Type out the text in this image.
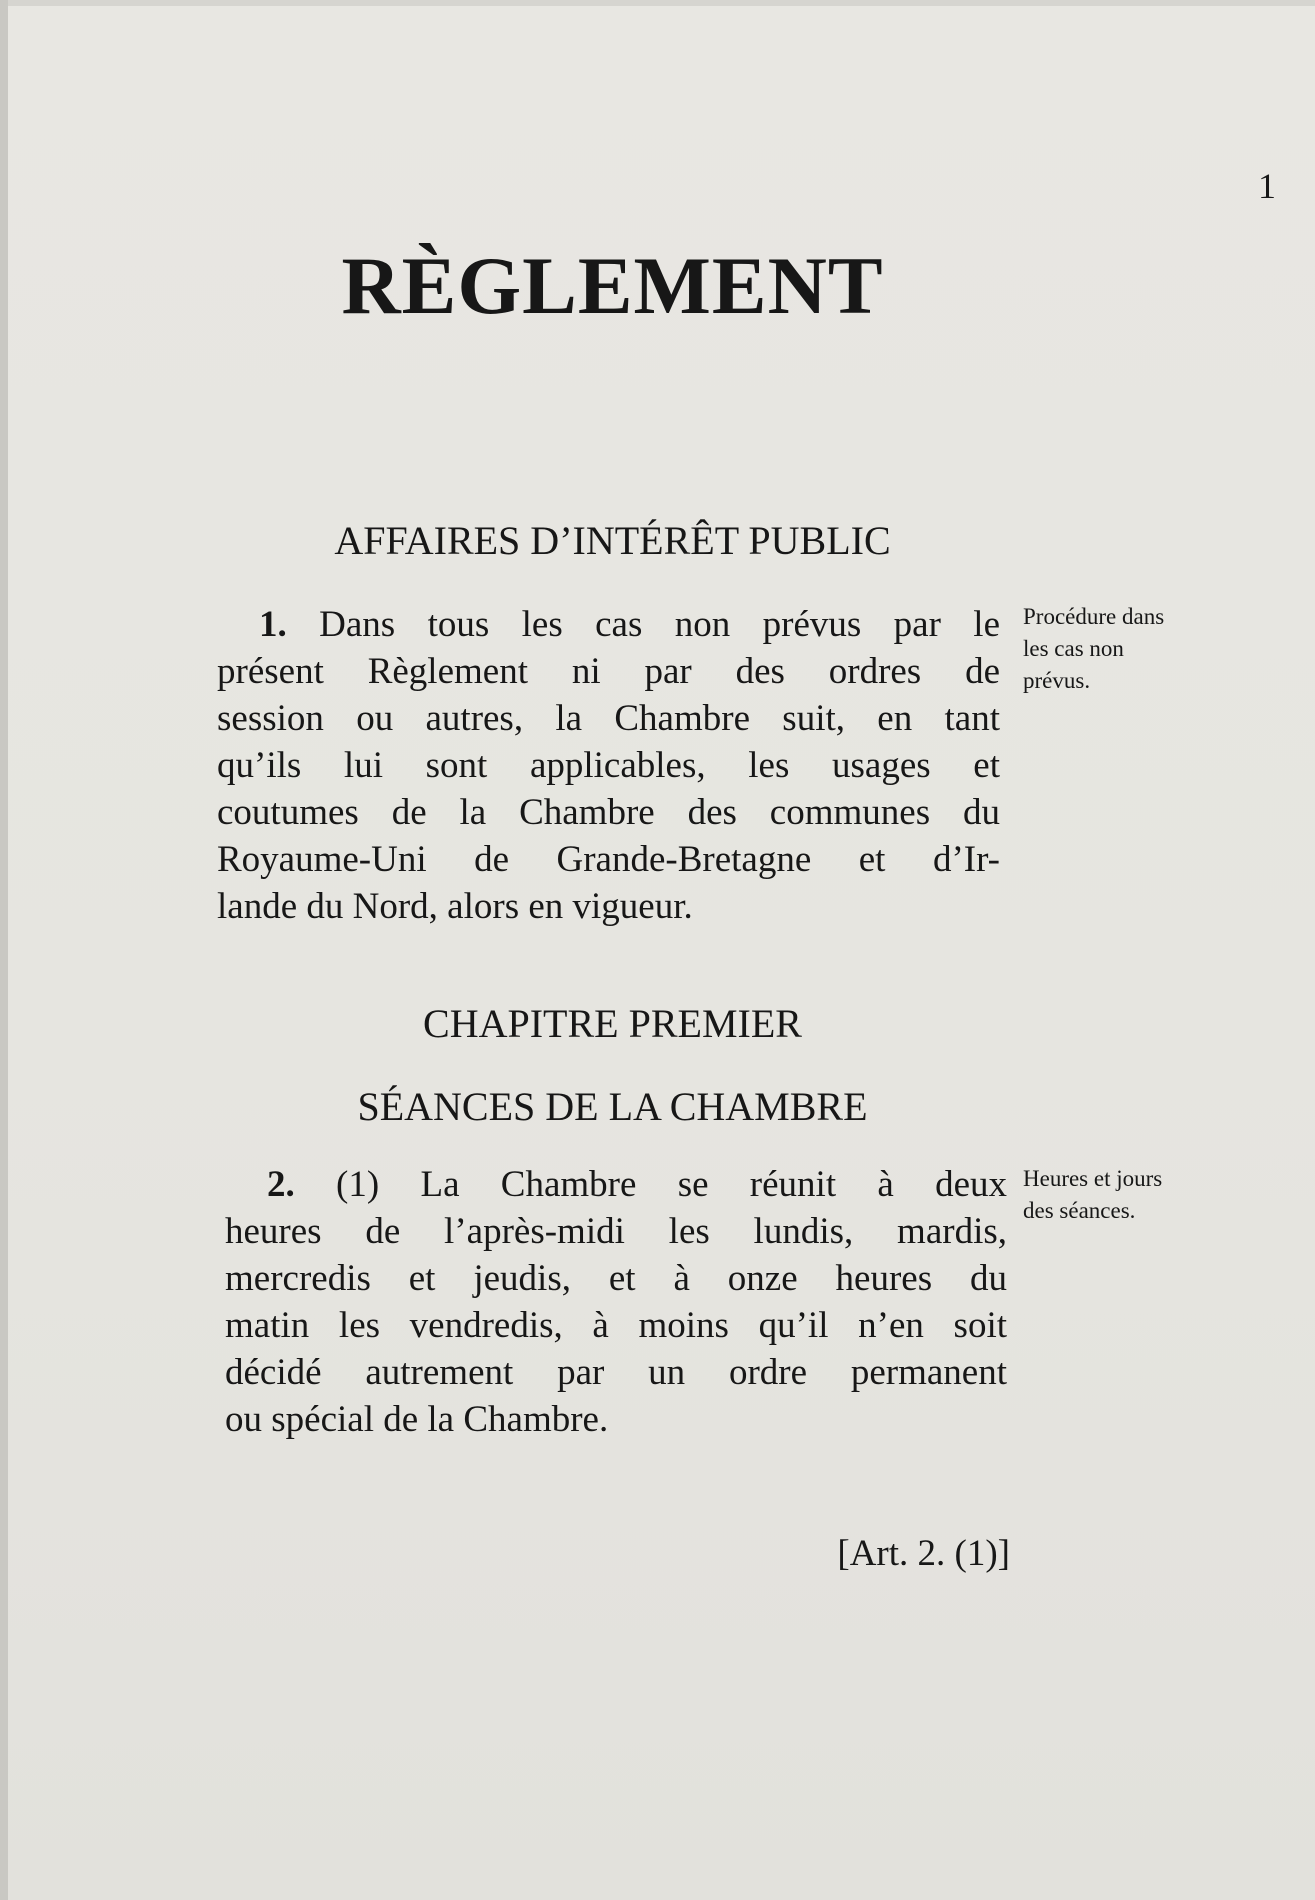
1
RÈGLEMENT
AFFAIRES D’INTÉRÊT PUBLIC
1. Dans tous les cas non prévus par le
présent Règlement ni par des ordres de
session ou autres, la Chambre suit, en tant
qu’ils lui sont applicables, les usages et
coutumes de la Chambre des communes du
Royaume-Uni de Grande-Bretagne et d’Ir-
lande du Nord, alors en vigueur.
Procédure dans
les cas non
prévus.
CHAPITRE PREMIER
SÉANCES DE LA CHAMBRE
2. (1) La Chambre se réunit à deux
heures de l’après-midi les lundis, mardis,
mercredis et jeudis, et à onze heures du
matin les vendredis, à moins qu’il n’en soit
décidé autrement par un ordre permanent
ou spécial de la Chambre.
Heures et jours
des séances.
[Art. 2. (1)]
